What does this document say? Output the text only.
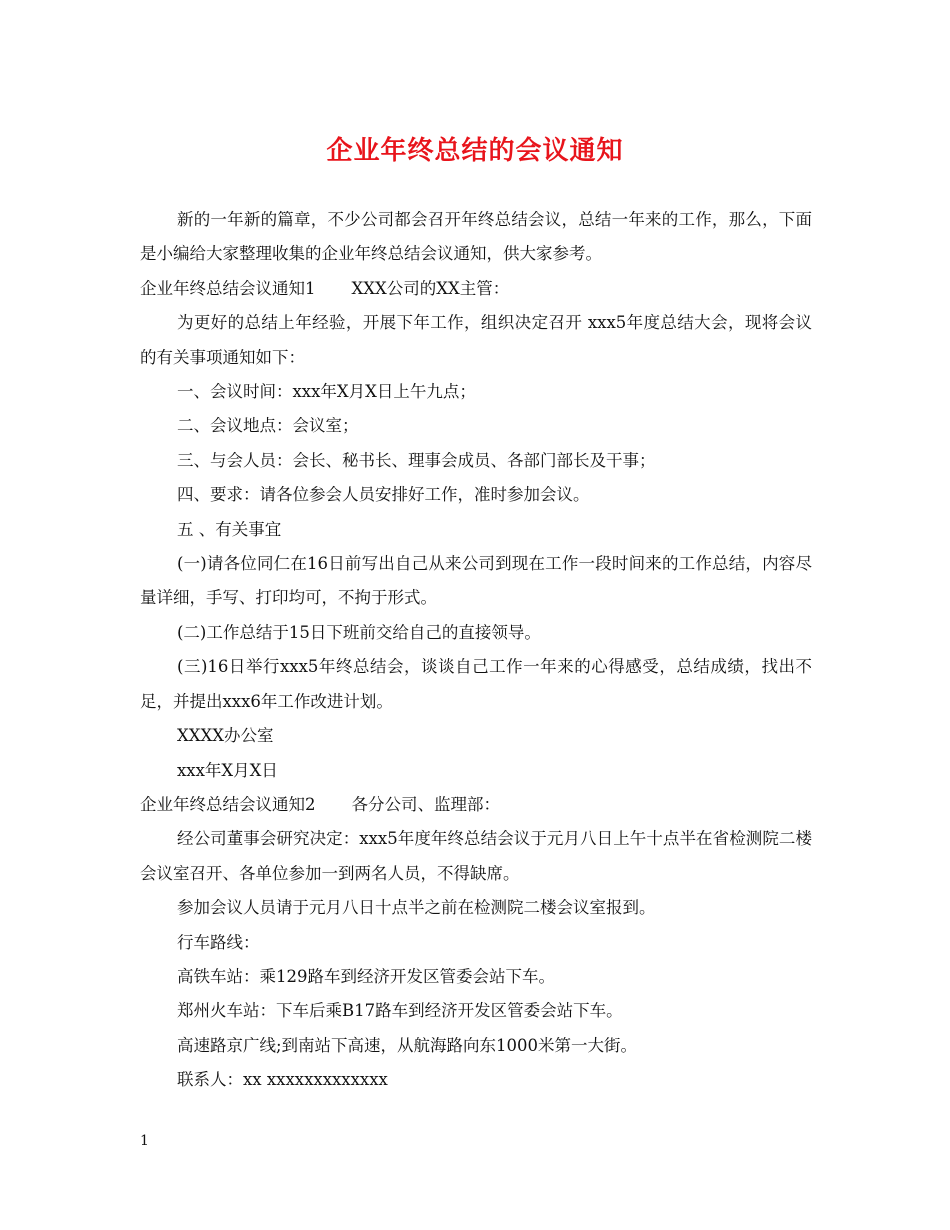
企业年终总结的会议通知

新的一年新的篇章，不少公司都会召开年终总结会议，总结一年来的工作，那么，下面是小编给大家整理收集的企业年终总结会议通知，供大家参考。

企业年终总结会议通知1 XXX公司的XX主管：

为更好的总结上年经验，开展下年工作，组织决定召开 xxx5年度总结大会，现将会议的有关事项通知如下：

一、会议时间：xxx年X月X日上午九点；

二、会议地点：会议室；

三、与会人员：会长、秘书长、理事会成员、各部门部长及干事；

四、要求：请各位参会人员安排好工作，准时参加会议。

五 、有关事宜

(一)请各位同仁在16日前写出自己从来公司到现在工作一段时间来的工作总结，内容尽量详细，手写、打印均可，不拘于形式。

(二)工作总结于15日下班前交给自己的直接领导。

(三)16日举行xxx5年终总结会，谈谈自己工作一年来的心得感受，总结成绩，找出不足，并提出xxx6年工作改进计划。

XXXX办公室

xxx年X月X日

企业年终总结会议通知2 各分公司、监理部：

经公司董事会研究决定：xxx5年度年终总结会议于元月八日上午十点半在省检测院二楼会议室召开、各单位参加一到两名人员，不得缺席。

参加会议人员请于元月八日十点半之前在检测院二楼会议室报到。

行车路线：

高铁车站：乘129路车到经济开发区管委会站下车。

郑州火车站：下车后乘B17路车到经济开发区管委会站下车。

高速路京广线;到南站下高速，从航海路向东1000米第一大街。

联系人：xx xxxxxxxxxxxxx

1
